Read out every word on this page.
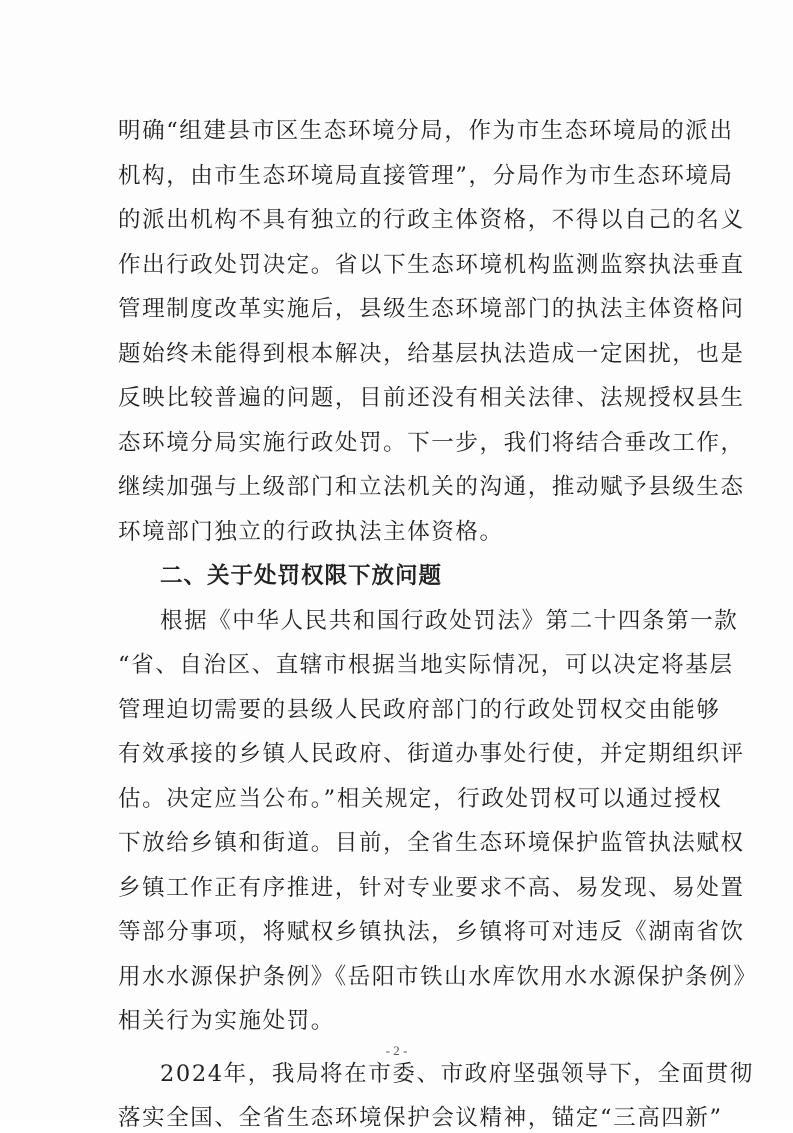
明确“组建县市区生态环境分局，作为市生态环境局的派出
机构，由市生态环境局直接管理”，分局作为市生态环境局
的派出机构不具有独立的行政主体资格，不得以自己的名义
作出行政处罚决定。省以下生态环境机构监测监察执法垂直
管理制度改革实施后，县级生态环境部门的执法主体资格问
题始终未能得到根本解决，给基层执法造成一定困扰，也是
反映比较普遍的问题，目前还没有相关法律、法规授权县生
态环境分局实施行政处罚。下一步，我们将结合垂改工作，
继续加强与上级部门和立法机关的沟通，推动赋予县级生态
环境部门独立的行政执法主体资格。
二、关于处罚权限下放问题
根据《中华人民共和国行政处罚法》第二十四条第一款
“省、自治区、直辖市根据当地实际情况，可以决定将基层
管理迫切需要的县级人民政府部门的行政处罚权交由能够
有效承接的乡镇人民政府、街道办事处行使，并定期组织评
估。决定应当公布。”相关规定，行政处罚权可以通过授权
下放给乡镇和街道。目前，全省生态环境保护监管执法赋权
乡镇工作正有序推进，针对专业要求不高、易发现、易处置
等部分事项，将赋权乡镇执法，乡镇将可对违反《湖南省饮
用水水源保护条例》《岳阳市铁山水库饮用水水源保护条例》
相关行为实施处罚。
2024年，我局将在市委、市政府坚强领导下，全面贯彻
落实全国、全省生态环境保护会议精神，锚定“三高四新”
- 2 -
